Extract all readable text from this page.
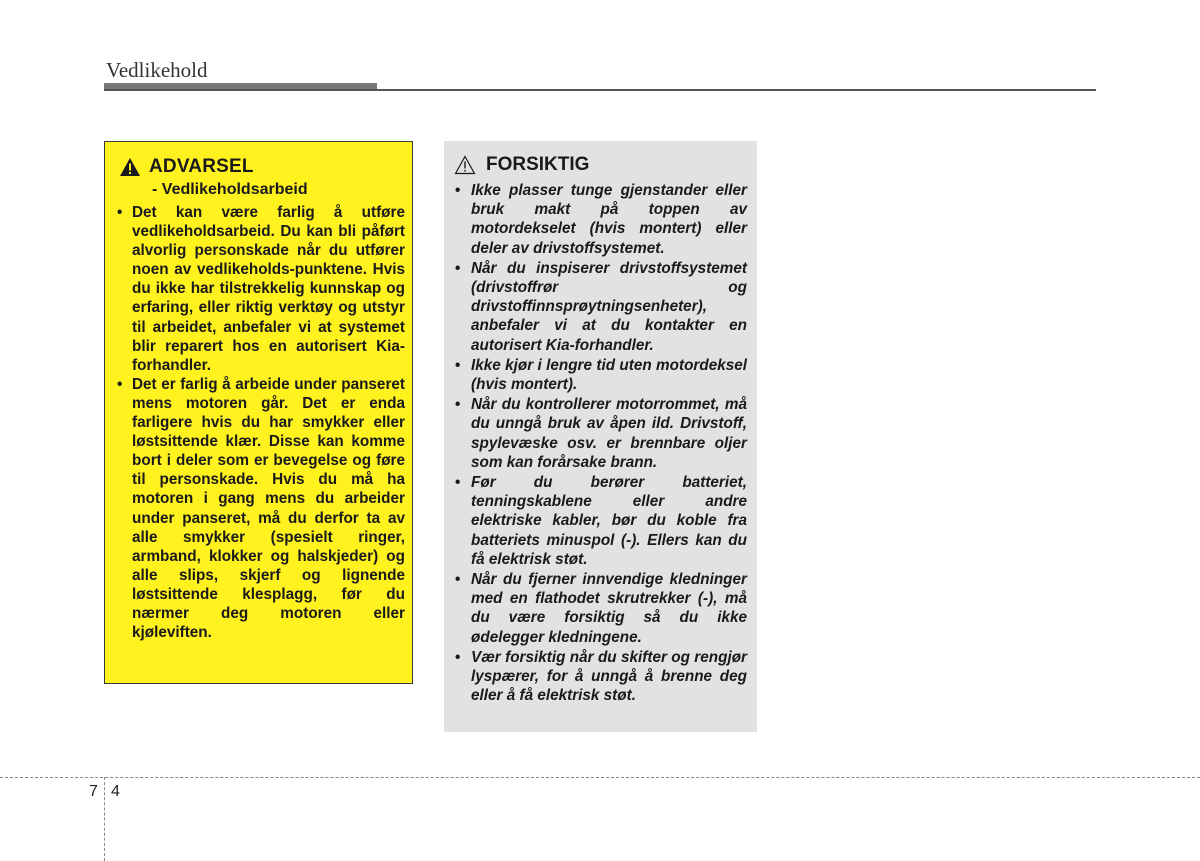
Vedlikehold
ADVARSEL
- Vedlikeholdsarbeid
• Det kan være farlig å utføre vedlikeholdsarbeid. Du kan bli påført alvorlig personskade når du utfører noen av vedlikeholds-punktene. Hvis du ikke har tilstrekkelig kunnskap og erfaring, eller riktig verktøy og utstyr til arbeidet, anbefaler vi at systemet blir reparert hos en autorisert Kia-forhandler.
• Det er farlig å arbeide under panseret mens motoren går. Det er enda farligere hvis du har smykker eller løstsittende klær. Disse kan komme bort i deler som er bevegelse og føre til personskade. Hvis du må ha motoren i gang mens du arbeider under panseret, må du derfor ta av alle smykker (spesielt ringer, armband, klokker og halskjeder) og alle slips, skjerf og lignende løstsittende klesplagg, før du nærmer deg motoren eller kjøleviften.
FORSIKTIG
• Ikke plasser tunge gjenstander eller bruk makt på toppen av motordekselet (hvis montert) eller deler av drivstoffsystemet.
• Når du inspiserer drivstoffsystemet (drivstoffrør og drivstoffinnsprøytningsenheter), anbefaler vi at du kontakter en autorisert Kia-forhandler.
• Ikke kjør i lengre tid uten motordeksel (hvis montert).
• Når du kontrollerer motorrommet, må du unngå bruk av åpen ild. Drivstoff, spylevæske osv. er brennbare oljer som kan forårsake brann.
• Før du berører batteriet, tenningskablene eller andre elektriske kabler, bør du koble fra batteriets minuspol (-). Ellers kan du få elektrisk støt.
• Når du fjerner innvendige kledninger med en flathodet skrutrekker (-), må du være forsiktig så du ikke ødelegger kledningene.
• Vær forsiktig når du skifter og rengjør lyspærer, for å unngå å brenne deg eller å få elektrisk støt.
7 4
